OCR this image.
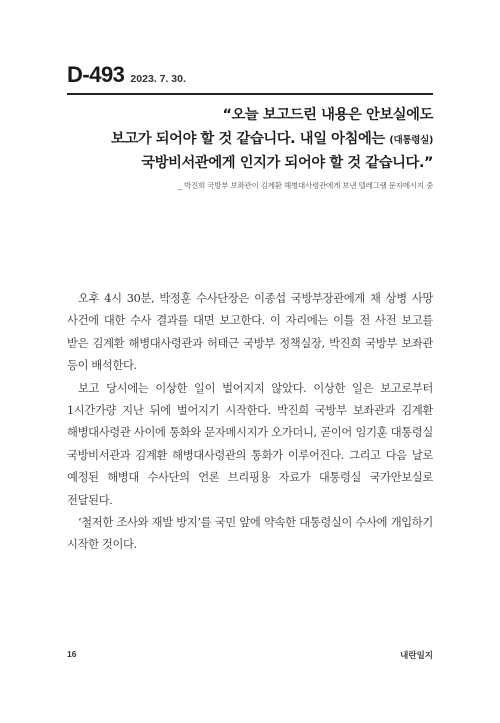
D-493 2023. 7. 30.
“오늘 보고드린 내용은 안보실에도
보고가 되어야 할 것 같습니다. 내일 아침에는 (대통령실)
국방비서관에게 인지가 되어야 할 것 같습니다.”
_ 박진희 국방부 보좌관이 김계환 해병대사령관에게 보낸 텔레그램 문자메시지 중

오후 4시 30분, 박정훈 수사단장은 이종섭 국방부장관에게 채 상병 사망 사건에 대한 수사 결과를 대면 보고한다. 이 자리에는 이틀 전 사전 보고를 받은 김계환 해병대사령관과 허태근 국방부 정책실장, 박진희 국방부 보좌관 등이 배석한다.

보고 당시에는 이상한 일이 벌어지지 않았다. 이상한 일은 보고로부터 1시간가량 지난 뒤에 벌어지기 시작한다. 박진희 국방부 보좌관과 김계환 해병대사령관 사이에 통화와 문자메시지가 오가더니, 곧이어 임기훈 대통령실 국방비서관과 김계환 해병대사령관의 통화가 이루어진다. 그리고 다음 날로 예정된 해병대 수사단의 언론 브리핑용 자료가 대통령실 국가안보실로 전달된다.

‘철저한 조사와 재발 방지’를 국민 앞에 약속한 대통령실이 수사에 개입하기 시작한 것이다.

16	내란일지
